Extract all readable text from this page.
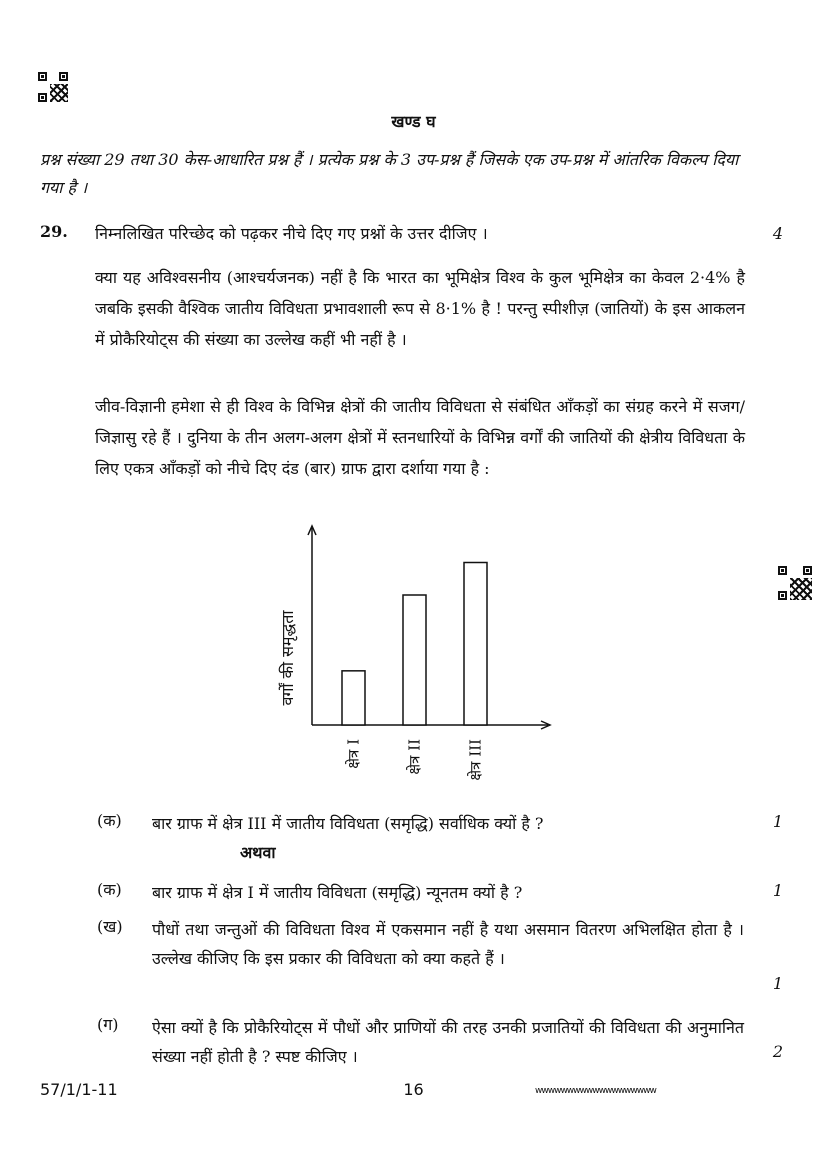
खण्ड घ
प्रश्न संख्या 29 तथा 30 केस-आधारित प्रश्न हैं । प्रत्येक प्रश्न के 3 उप-प्रश्न हैं जिसके एक उप-प्रश्न में आंतरिक विकल्प दिया गया है ।
29. निम्नलिखित परिच्छेद को पढ़कर नीचे दिए गए प्रश्नों के उत्तर दीजिए ।	4
क्या यह अविश्वसनीय (आश्चर्यजनक) नहीं है कि भारत का भूमिक्षेत्र विश्व के कुल भूमिक्षेत्र का केवल 2·4% है जबकि इसकी वैश्विक जातीय विविधता प्रभावशाली रूप से 8·1% है ! परन्तु स्पीशीज़ (जातियों) के इस आकलन में प्रोकैरियोट्स की संख्या का उल्लेख कहीं भी नहीं है ।
जीव-विज्ञानी हमेशा से ही विश्व के विभिन्न क्षेत्रों की जातीय विविधता से संबंधित आँकड़ों का संग्रह करने में सजग/जिज्ञासु रहे हैं । दुनिया के तीन अलग-अलग क्षेत्रों में स्तनधारियों के विभिन्न वर्गों की जातियों की क्षेत्रीय विविधता के लिए एकत्र आँकड़ों को नीचे दिए दंड (बार) ग्राफ द्वारा दर्शाया गया है :
क्षेत्र I	क्षेत्र II	क्षेत्र III
वर्गों की समृद्धता
(क) बार ग्राफ में क्षेत्र III में जातीय विविधता (समृद्धि) सर्वाधिक क्यों है ?	1
अथवा
(क) बार ग्राफ में क्षेत्र I में जातीय विविधता (समृद्धि) न्यूनतम क्यों है ?	1
(ख) पौधों तथा जन्तुओं की विविधता विश्व में एकसमान नहीं है यथा असमान वितरण अभिलक्षित होता है । उल्लेख कीजिए कि इस प्रकार की विविधता को क्या कहते हैं ।
1
(ग) ऐसा क्यों है कि प्रोकैरियोट्स में पौधों और प्राणियों की तरह उनकी प्रजातियों की विविधता की अनुमानित संख्या नहीं होती है ? स्पष्ट कीजिए ।	2
57/1/1-11	16	wwwwwwwwwwwwwwwwwww
